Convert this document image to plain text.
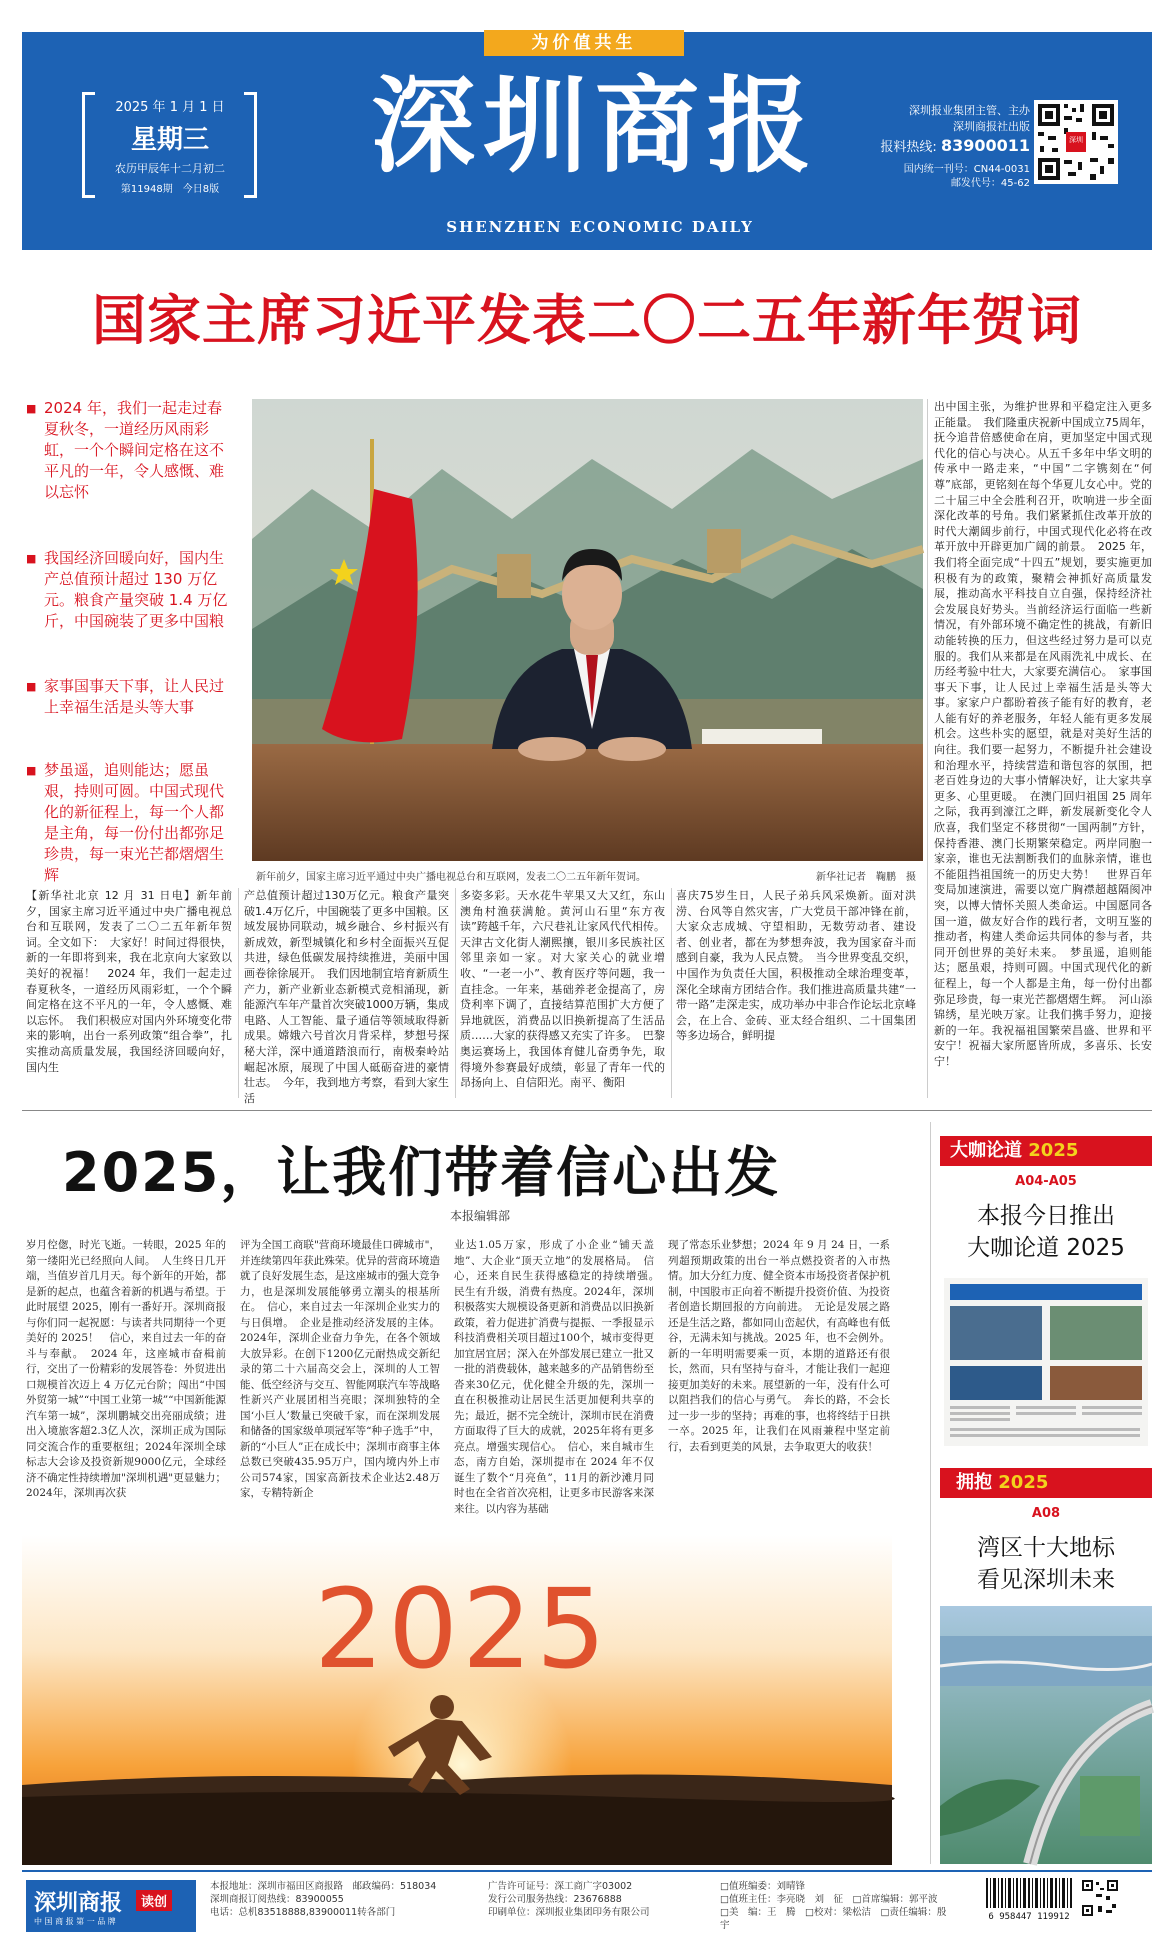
为价值共生
2025 年 1 月 1 日
星期三
农历甲辰年十二月初二
第11948期　今日8版
深圳商报
SHENZHEN ECONOMIC DAILY
深圳报业集团主管、主办
深圳商报社出版
报料热线: 83900011
国内统一刊号：CN44-0031
邮发代号：45-62
深圳
国家主席习近平发表二〇二五年新年贺词
■ 2024 年，我们一起走过春夏秋冬，一道经历风雨彩虹，一个个瞬间定格在这不平凡的一年，令人感慨、难以忘怀
■ 我国经济回暖向好，国内生产总值预计超过 130 万亿元。粮食产量突破 1.4 万亿斤，中国碗装了更多中国粮
■ 家事国事天下事，让人民过上幸福生活是头等大事
■ 梦虽遥，追则能达；愿虽艰，持则可圆。中国式现代化的新征程上，每一个人都是主角，每一份付出都弥足珍贵，每一束光芒都熠熠生辉	新年前夕，国家主席习近平通过中央广播电视总台和互联网，发表二〇二五年新年贺词。	新华社记者　鞠鹏　摄
【新华社北京 12 月 31 日电】新年前夕，国家主席习近平通过中央广播电视总台和互联网，发表了二〇二五年新年贺词。全文如下：　大家好！时间过得很快，新的一年即将到来，我在北京向大家致以美好的祝福！　2024 年，我们一起走过春夏秋冬，一道经历风雨彩虹，一个个瞬间定格在这不平凡的一年，令人感慨、难以忘怀。　我们积极应对国内外环境变化带来的影响，出台一系列政策“组合拳”，扎实推动高质量发展，我国经济回暖向好，国内生
产总值预计超过130万亿元。粮食产量突破1.4万亿斤，中国碗装了更多中国粮。区域发展协同联动，城乡融合、乡村振兴有新成效，新型城镇化和乡村全面振兴互促共进，绿色低碳发展持续推进，美丽中国画卷徐徐展开。　我们因地制宜培育新质生产力，新产业新业态新模式竞相涌现，新能源汽车年产量首次突破1000万辆，集成电路、人工智能、量子通信等领域取得新成果。嫦娥六号首次月背采样，梦想号探秘大洋，深中通道踏浪而行，南极秦岭站崛起冰原，展现了中国人砥砺奋进的豪情壮志。　今年，我到地方考察，看到大家生活
多姿多彩。天水花牛苹果又大又红，东山澳角村渔获满舱。黄河山石里“东方夜读”跨越千年，六尺巷礼让家风代代相传。天津古文化街人潮熙攘，银川多民族社区邻里亲如一家。对大家关心的就业增收、“一老一小”、教育医疗等问题，我一直挂念。一年来，基础养老金提高了，房贷利率下调了，直接结算范围扩大方便了异地就医，消费品以旧换新提高了生活品质……大家的获得感又充实了许多。　巴黎奥运赛场上，我国体育健儿奋勇争先，取得境外参赛最好成绩，彰显了青年一代的昂扬向上、自信阳光。南平、衡阳
喜庆75岁生日，人民子弟兵风采焕新。面对洪涝、台风等自然灾害，广大党员干部冲锋在前，大家众志成城、守望相助，无数劳动者、建设者、创业者，都在为梦想奔波，我为国家奋斗而感到自豪，我为人民点赞。　当今世界变乱交织，中国作为负责任大国，积极推动全球治理变革，深化全球南方团结合作。我们推进高质量共建“一带一路”走深走实，成功举办中非合作论坛北京峰会，在上合、金砖、亚太经合组织、二十国集团等多边场合，鲜明提
出中国主张，为维护世界和平稳定注入更多正能量。　我们隆重庆祝新中国成立75周年，抚今追昔倍感使命在肩，更加坚定中国式现代化的信心与决心。从五千多年中华文明的传承中一路走来，“中国”二字镌刻在“何尊”底部，更铭刻在每个华夏儿女心中。党的二十届三中全会胜利召开，吹响进一步全面深化改革的号角。我们紧紧抓住改革开放的时代大潮阔步前行，中国式现代化必将在改革开放中开辟更加广阔的前景。　2025 年，我们将全面完成“十四五”规划，要实施更加积极有为的政策，聚精会神抓好高质量发展，推动高水平科技自立自强，保持经济社会发展良好势头。当前经济运行面临一些新情况，有外部环境不确定性的挑战，有新旧动能转换的压力，但这些经过努力是可以克服的。我们从来都是在风雨洗礼中成长、在历经考验中壮大，大家要充满信心。　家事国事天下事，让人民过上幸福生活是头等大事。家家户户都盼着孩子能有好的教育，老人能有好的养老服务，年轻人能有更多发展机会。这些朴实的愿望，就是对美好生活的向往。我们要一起努力，不断提升社会建设和治理水平，持续营造和谐包容的氛围，把老百姓身边的大事小情解决好，让大家共享更多、心里更暖。　在澳门回归祖国 25 周年之际，我再到濠江之畔，新发展新变化令人欣喜，我们坚定不移贯彻“一国两制”方针，保持香港、澳门长期繁荣稳定。两岸同胞一家亲，谁也无法割断我们的血脉亲情，谁也不能阻挡祖国统一的历史大势！　世界百年变局加速演进，需要以宽广胸襟超越隔阂冲突，以博大情怀关照人类命运。中国愿同各国一道，做友好合作的践行者，文明互鉴的推动者，构建人类命运共同体的参与者，共同开创世界的美好未来。　梦虽遥，追则能达；愿虽艰，持则可圆。中国式现代化的新征程上，每一个人都是主角，每一份付出都弥足珍贵，每一束光芒都熠熠生辉。　河山添锦绣，星光映万家。让我们携手努力，迎接新的一年。我祝福祖国繁荣昌盛、世界和平安宁！祝福大家所愿皆所成，多喜乐、长安宁！
2025，让我们带着信心出发
本报编辑部
岁月倥偬，时光飞逝。一转眼，2025 年的第一缕阳光已经照向人间。　人生终日几开端，当值岁首几月天。每个新年的开始，都是新的起点，也蕴含着新的机遇与希望。于此时展望 2025，刚有一番好开。深圳商报与你们同一起祝愿：与读者共同期待一个更美好的 2025！　信心，来自过去一年的奋斗与奉献。　2024 年，这座城市奋楫前行，交出了一份精彩的发展答卷：外贸进出口规模首次迈上 4 万亿元台阶；闯出“中国外贸第一城”“中国工业第一城”“中国新能源汽车第一城”，深圳鹏城交出亮丽成绩；进出入境旅客超2.3亿人次，深圳正成为国际同交流合作的重要枢纽；2024年深圳全球标志大会诊及投资新规9000亿元，全球经济不确定性持续增加"深圳机遇"更显魅力；2024年，深圳再次获
评为全国工商联"营商环境最佳口碑城市"，并连续第四年获此殊荣。优异的营商环境造就了良好发展生态，是这座城市的强大竞争力，也是深圳发展能够勇立潮头的根基所在。　信心，来自过去一年深圳企业实力的与日俱增。　企业是推动经济发展的主体。2024年，深圳企业奋力争先，在各个领域大放异彩。在创下1200亿元耐热成交新纪录的第二十六届高交会上，深圳的人工智能、低空经济与交互、智能网联汽车等战略性新兴产业展团相当亮眼；深圳独特的全国‘小巨人’数量已突破千家，而在深圳发展和储备的国家级单项冠军等“种子选手”中，新的“小巨人”正在成长中；深圳市商事主体总数已突破435.95万户，国内境内外上市公司574家，国家高新技术企业达2.48万家，专精特新企
业达1.05万家，形成了小企业“铺天盖地”、大企业“顶天立地”的发展格局。　信心，还来自民生获得感稳定的持续增强。　民生有升级，消费有热度。2024年，深圳积极落实大规模设备更新和消费品以旧换新政策，着力促进扩消费与提振、一季报显示科技消费相关项目超过100个，城市变得更加宜居宜居；深入在外部发展已建立一批又一批的消费载体，越来越多的产品销售纷至沓来30亿元，优化健全升级的先，深圳一直在积极推动让居民生活更加便利共享的先；最近，据不完全统计，深圳市民在消费方面取得了巨大的成就，2025年将有更多亮点。增强实现信心。　信心，来自城市生态，南方自始，深圳提市在 2024 年不仅诞生了数个“月亮鱼”，11月的新沙滩月同时也在全省首次亮相，让更多市民游客来深来往。以内容为基础
现了常态乐业梦想；2024 年 9 月 24 日，一系列超预期政策的出台一举点燃投资者的入市热情。加大分红力度、健全资本市场投资者保护机制，中国股市正向着不断提升投资价值、为投资者创造长期回报的方向前进。　无论是发展之路还是生活之路，都如同山峦起伏，有高峰也有低谷，无满未知与挑战。2025 年，也不会例外。新的一年明明需要乘一页，本期的道路还有很长，然而，只有坚持与奋斗，才能让我们一起迎接更加美好的未来。展望新的一年，没有什么可以阻挡我们的信心与勇气。　奔长的路，不会长过一步一步的坚持；再难的事，也将终结于日拱一卒。2025 年，让我们在风雨兼程中坚定前行，去看到更美的风景，去争取更大的收获！
2025
大咖论道 2025
A04-A05
本报今日推出
大咖论道 2025
拥抱 2025
A08
湾区十大地标
看见深圳未来
深圳商报	读创
中 国 商 报 第 一 品 牌
本报地址：深圳市福田区商报路　 邮政编码：518034
深圳商报订阅热线：83900055
电话：总机83518888,83900011转各部门
广告许可证号：深工商广字03002
发行公司服务热线：23676888
印刷单位：深圳报业集团印务有限公司
□值班编委：刘晴锋
□值班主任：李亮晓　刘　征　□首席编辑：郭平波
□美　编：王　腾　□校对：梁松洁　□责任编辑：殷　宇
6 958447 119912
